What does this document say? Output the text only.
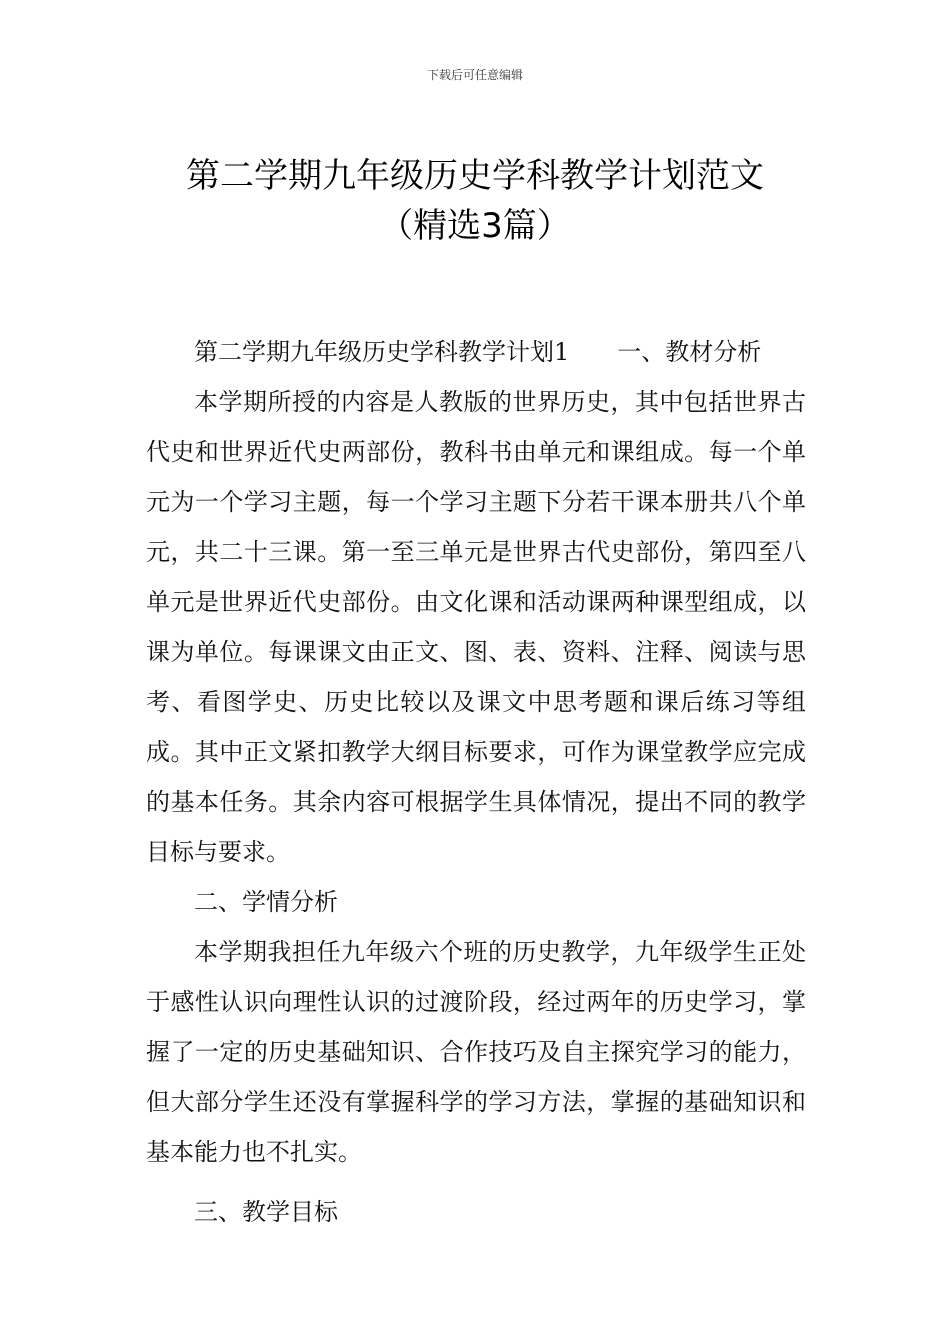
下载后可任意编辑
第二学期九年级历史学科教学计划范文
（精选3篇）

第二学期九年级历史学科教学计划1 一、教材分析

本学期所授的内容是人教版的世界历史，其中包括世界古代史和世界近代史两部份，教科书由单元和课组成。每一个单元为一个学习主题，每一个学习主题下分若干课本册共八个单元，共二十三课。第一至三单元是世界古代史部份，第四至八单元是世界近代史部份。由文化课和活动课两种课型组成，以课为单位。每课课文由正文、图、表、资料、注释、阅读与思考、看图学史、历史比较以及课文中思考题和课后练习等组成。其中正文紧扣教学大纲目标要求，可作为课堂教学应完成的基本任务。其余内容可根据学生具体情况，提出不同的教学目标与要求。

二、学情分析

本学期我担任九年级六个班的历史教学，九年级学生正处于感性认识向理性认识的过渡阶段，经过两年的历史学习，掌握了一定的历史基础知识、合作技巧及自主探究学习的能力，但大部分学生还没有掌握科学的学习方法，掌握的基础知识和基本能力也不扎实。

三、教学目标
